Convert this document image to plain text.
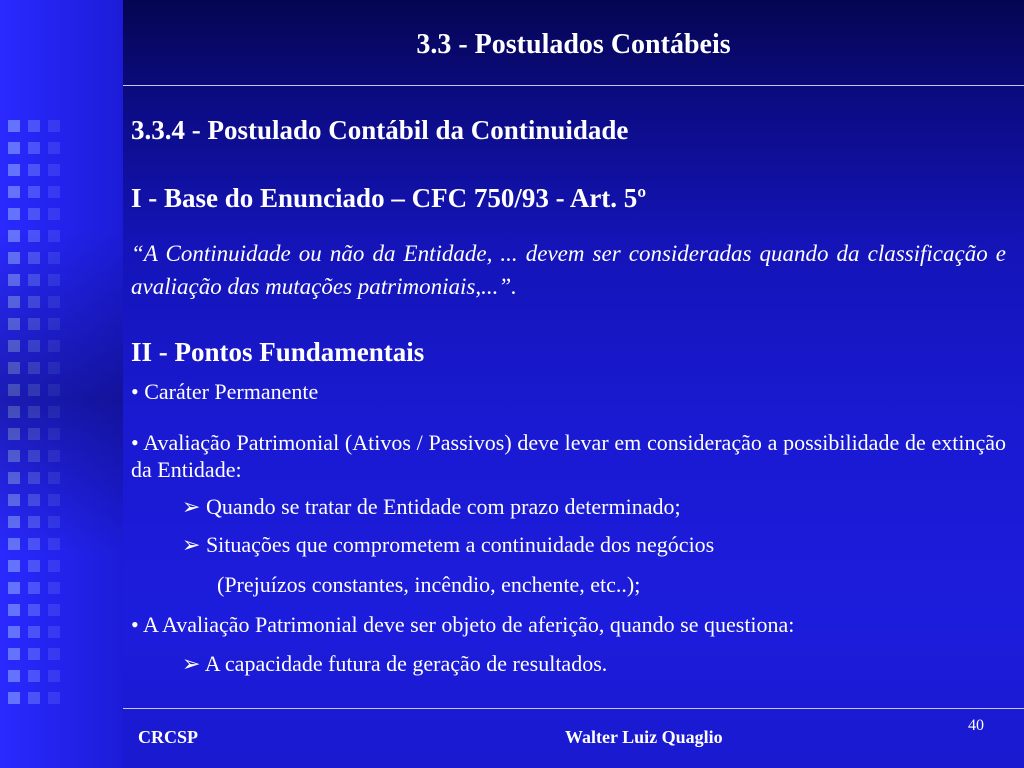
3.3 - Postulados Contábeis
3.3.4 - Postulado Contábil da Continuidade
I - Base do Enunciado – CFC 750/93 - Art. 5º
“A Continuidade ou não da Entidade, ... devem ser consideradas quando da classificação e avaliação das mutações patrimoniais,...”.
II - Pontos Fundamentais
• Caráter Permanente
• Avaliação Patrimonial (Ativos / Passivos) deve levar em consideração a possibilidade de extinção da Entidade:
➢ Quando se tratar de Entidade com prazo determinado;
➢ Situações que comprometem a continuidade dos negócios
(Prejuízos constantes, incêndio, enchente, etc..);
• A Avaliação Patrimonial deve ser objeto de aferição, quando se questiona:
➢ A capacidade futura de geração de resultados.
CRCSP	Walter Luiz Quaglio
40
